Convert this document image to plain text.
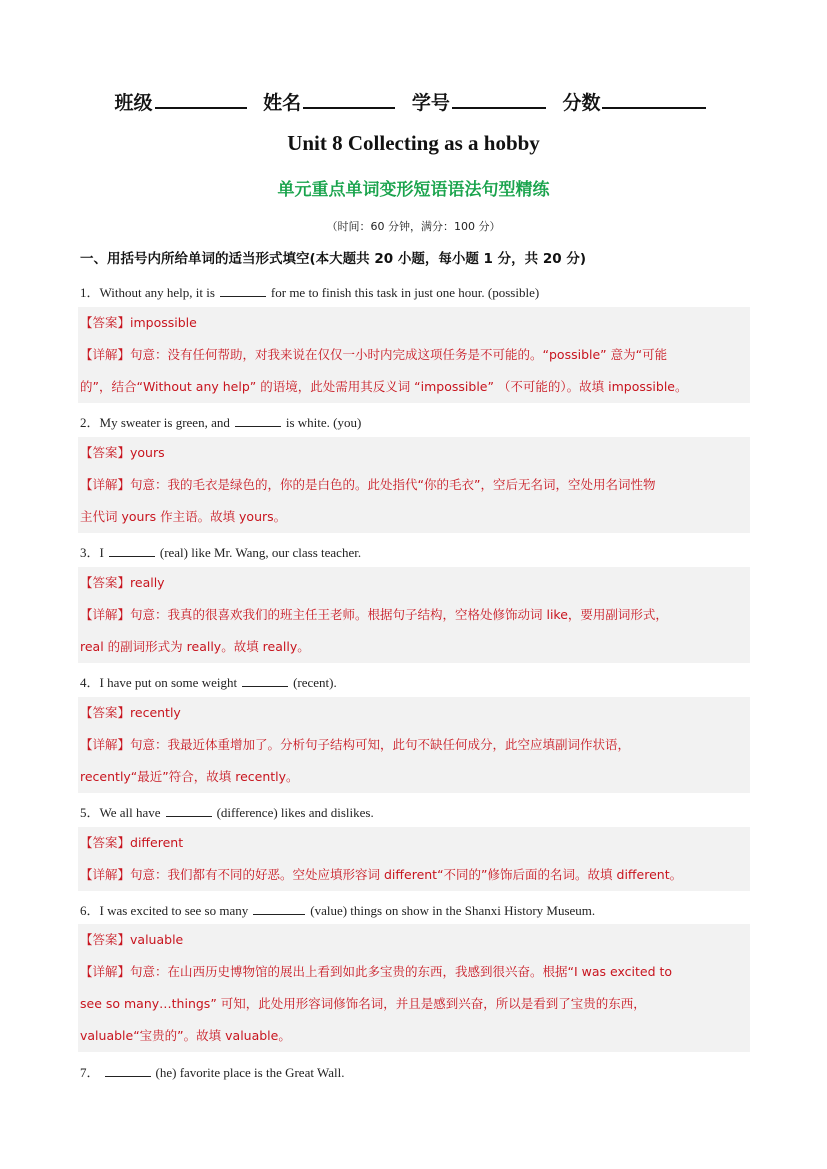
班级	姓名	学号	分数
Unit 8 Collecting as a hobby
单元重点单词变形短语语法句型精练
（时间：60 分钟，满分：100 分）
一、用括号内所给单词的适当形式填空(本大题共 20 小题，每小题 1 分，共 20 分)
1．Without any help, it is	for me to finish this task in just one hour. (possible)
【答案】impossible
【详解】句意：没有任何帮助，对我来说在仅仅一小时内完成这项任务是不可能的。“possible” 意为“可能
的”，结合“Without any help” 的语境，此处需用其反义词 “impossible” （不可能的）。故填 impossible。
2．My sweater is green, and	is white. (you)
【答案】yours
【详解】句意：我的毛衣是绿色的，你的是白色的。此处指代“你的毛衣”，空后无名词，空处用名词性物
主代词 yours 作主语。故填 yours。
3．I	(real) like Mr. Wang, our class teacher.
【答案】really
【详解】句意：我真的很喜欢我们的班主任王老师。根据句子结构，空格处修饰动词 like，要用副词形式，
real 的副词形式为 really。故填 really。
4．I have put on some weight	(recent).
【答案】recently
【详解】句意：我最近体重增加了。分析句子结构可知，此句不缺任何成分，此空应填副词作状语，
recently“最近”符合，故填 recently。
5．We all have	(difference) likes and dislikes.
【答案】different
【详解】句意：我们都有不同的好恶。空处应填形容词 different“不同的”修饰后面的名词。故填 different。
6．I was excited to see so many	(value) things on show in the Shanxi History Museum.
【答案】valuable
【详解】句意：在山西历史博物馆的展出上看到如此多宝贵的东西，我感到很兴奋。根据“I was excited to
see so many…things” 可知，此处用形容词修饰名词，并且是感到兴奋，所以是看到了宝贵的东西，
valuable“宝贵的”。故填 valuable。
7．	(he) favorite place is the Great Wall.
